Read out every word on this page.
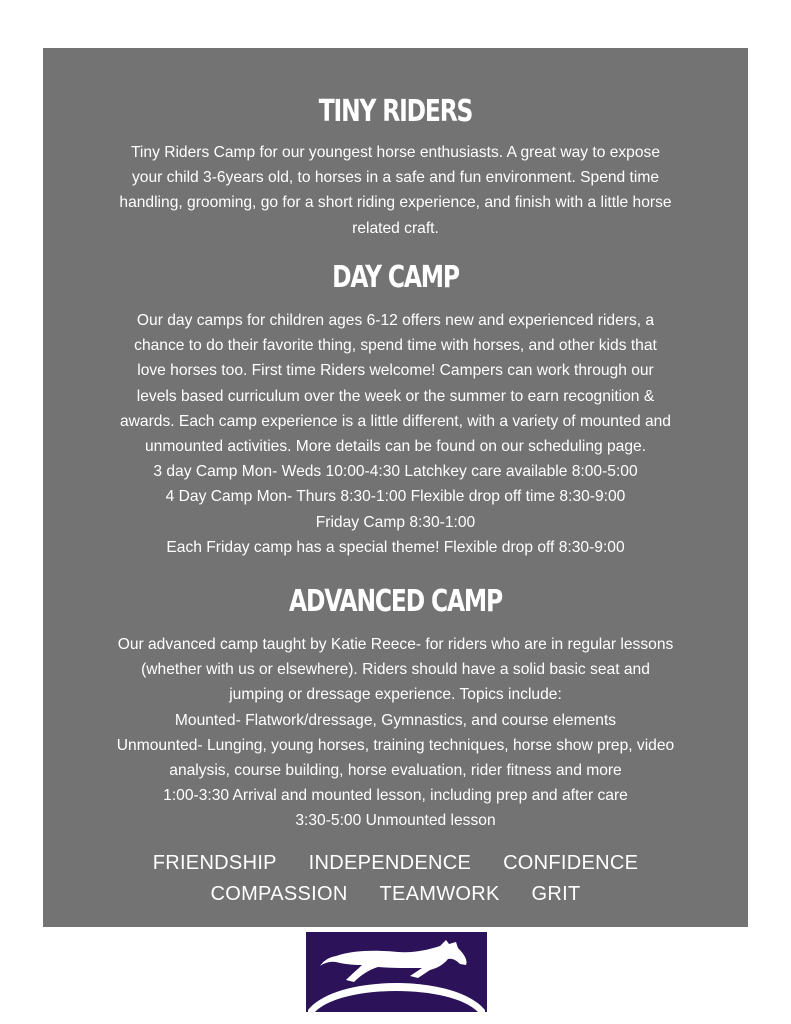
TINY RIDERS

Tiny Riders Camp for our youngest horse enthusiasts. A great way to expose
your child 3-6years old, to horses in a safe and fun environment. Spend time
handling, grooming, go for a short riding experience, and finish with a little horse
related craft.

DAY CAMP

Our day camps for children ages 6-12 offers new and experienced riders, a
chance to do their favorite thing, spend time with horses, and other kids that
love horses too. First time Riders welcome! Campers can work through our
levels based curriculum over the week or the summer to earn recognition &
awards. Each camp experience is a little different, with a variety of mounted and
unmounted activities. More details can be found on our scheduling page.
3 day Camp Mon- Weds 10:00-4:30 Latchkey care available 8:00-5:00
4 Day Camp Mon- Thurs 8:30-1:00 Flexible drop off time 8:30-9:00
Friday Camp 8:30-1:00
Each Friday camp has a special theme! Flexible drop off 8:30-9:00

ADVANCED CAMP

Our advanced camp taught by Katie Reece- for riders who are in regular lessons
(whether with us or elsewhere). Riders should have a solid basic seat and
jumping or dressage experience. Topics include:
Mounted- Flatwork/dressage, Gymnastics, and course elements
Unmounted- Lunging, young horses, training techniques, horse show prep, video
analysis, course building, horse evaluation, rider fitness and more
1:00-3:30 Arrival and mounted lesson, including prep and after care
3:30-5:00 Unmounted lesson

FRIENDSHIP INDEPENDENCE CONFIDENCE
COMPASSION TEAMWORK GRIT
